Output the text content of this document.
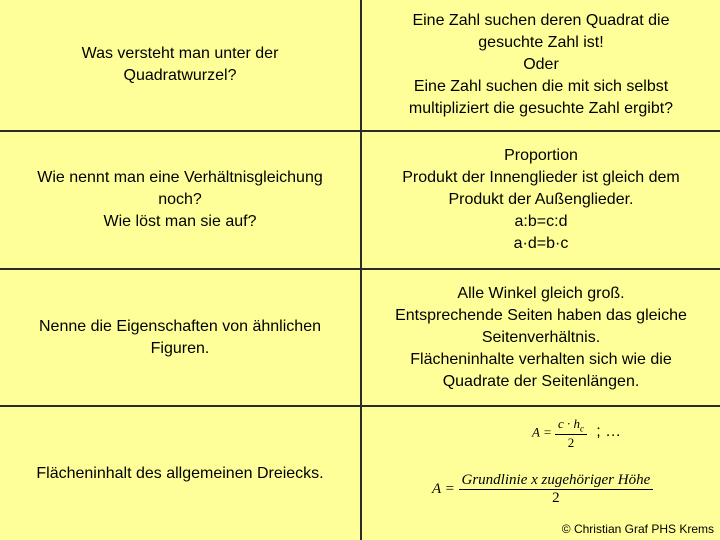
Was versteht man unter der
Quadratwurzel?
Eine Zahl suchen deren Quadrat die
gesuchte Zahl ist!
Oder
Eine Zahl suchen die mit sich selbst
multipliziert die gesuchte Zahl ergibt?
Wie nennt man eine Verhältnisgleichung
noch?
Wie löst man sie auf?
Proportion
Produkt der Innenglieder ist gleich dem
Produkt der Außenglieder.
a:b=c:d
a·d=b·c
Nenne die Eigenschaften von ähnlichen
Figuren.
Alle Winkel gleich groß.
Entsprechende Seiten haben das gleiche
Seitenverhältnis.
Flächeninhalte verhalten sich wie die
Quadrate der Seitenlängen.
Flächeninhalt des allgemeinen Dreiecks.
$A = \frac{c \cdot h_c}{2}$ ; …
$A = \frac{\text{Grundlinie x zugehöriger Höhe}}{2}$
© Christian Graf PHS Krems
